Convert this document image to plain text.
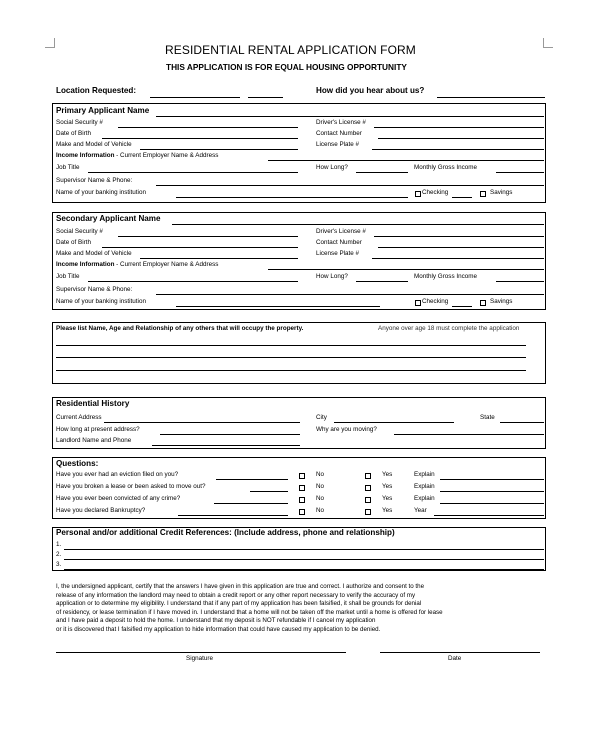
RESIDENTIAL RENTAL APPLICATION FORM
THIS APPLICATION IS FOR EQUAL HOUSING OPPORTUNITY
Location Requested:	How did you hear about us?
Primary Applicant Name
Social Security #	Driver's License #
Date of Birth	Contact Number
Make and Model of Vehicle	License Plate #
Income Information - Current Employer Name & Address
Job Title	How Long?	Monthly Gross Income
Supervisor Name & Phone:
Name of your banking institution	Checking	Savings
Secondary Applicant Name
Social Security #	Driver's License #
Date of Birth	Contact Number
Make and Model of Vehicle	License Plate #
Income Information - Current Employer Name & Address
Job Title	How Long?	Monthly Gross Income
Supervisor Name & Phone:
Name of your banking institution	Checking	Savings
Please list Name, Age and Relationship of any others that will occupy the property.	Anyone over age 18 must complete the application
Residential History
Current Address	City	State
How long at present address?	Why are you moving?
Landlord Name and Phone
Questions:
Have you ever had an eviction filed on you?	No	Yes	Explain
Have you broken a lease or been asked to move out?	No	Yes	Explain
Have you ever been convicted of any crime?	No	Yes	Explain
Have you declared Bankruptcy?	No	Yes	Year
Personal and/or additional Credit References: (Include address, phone and relationship)
1.
2.
3.

I, the undersigned applicant, certify that the answers I have given in this application are true and correct. I authorize and consent to the

release of any information the landlord may need to obtain a credit report or any other report necessary to verify the accuracy of my

application or to determine my eligibility. I understand that if any part of my application has been falsified, it shall be grounds for denial

of residency, or lease termination if I have moved in. I understand that a home will not be taken off the market until a home is offered for lease

and I have paid a deposit to hold the home. I understand that my deposit is NOT refundable if I cancel my application

or it is discovered that I falsified my application to hide information that could have caused my application to be denied.

Signature	Date
